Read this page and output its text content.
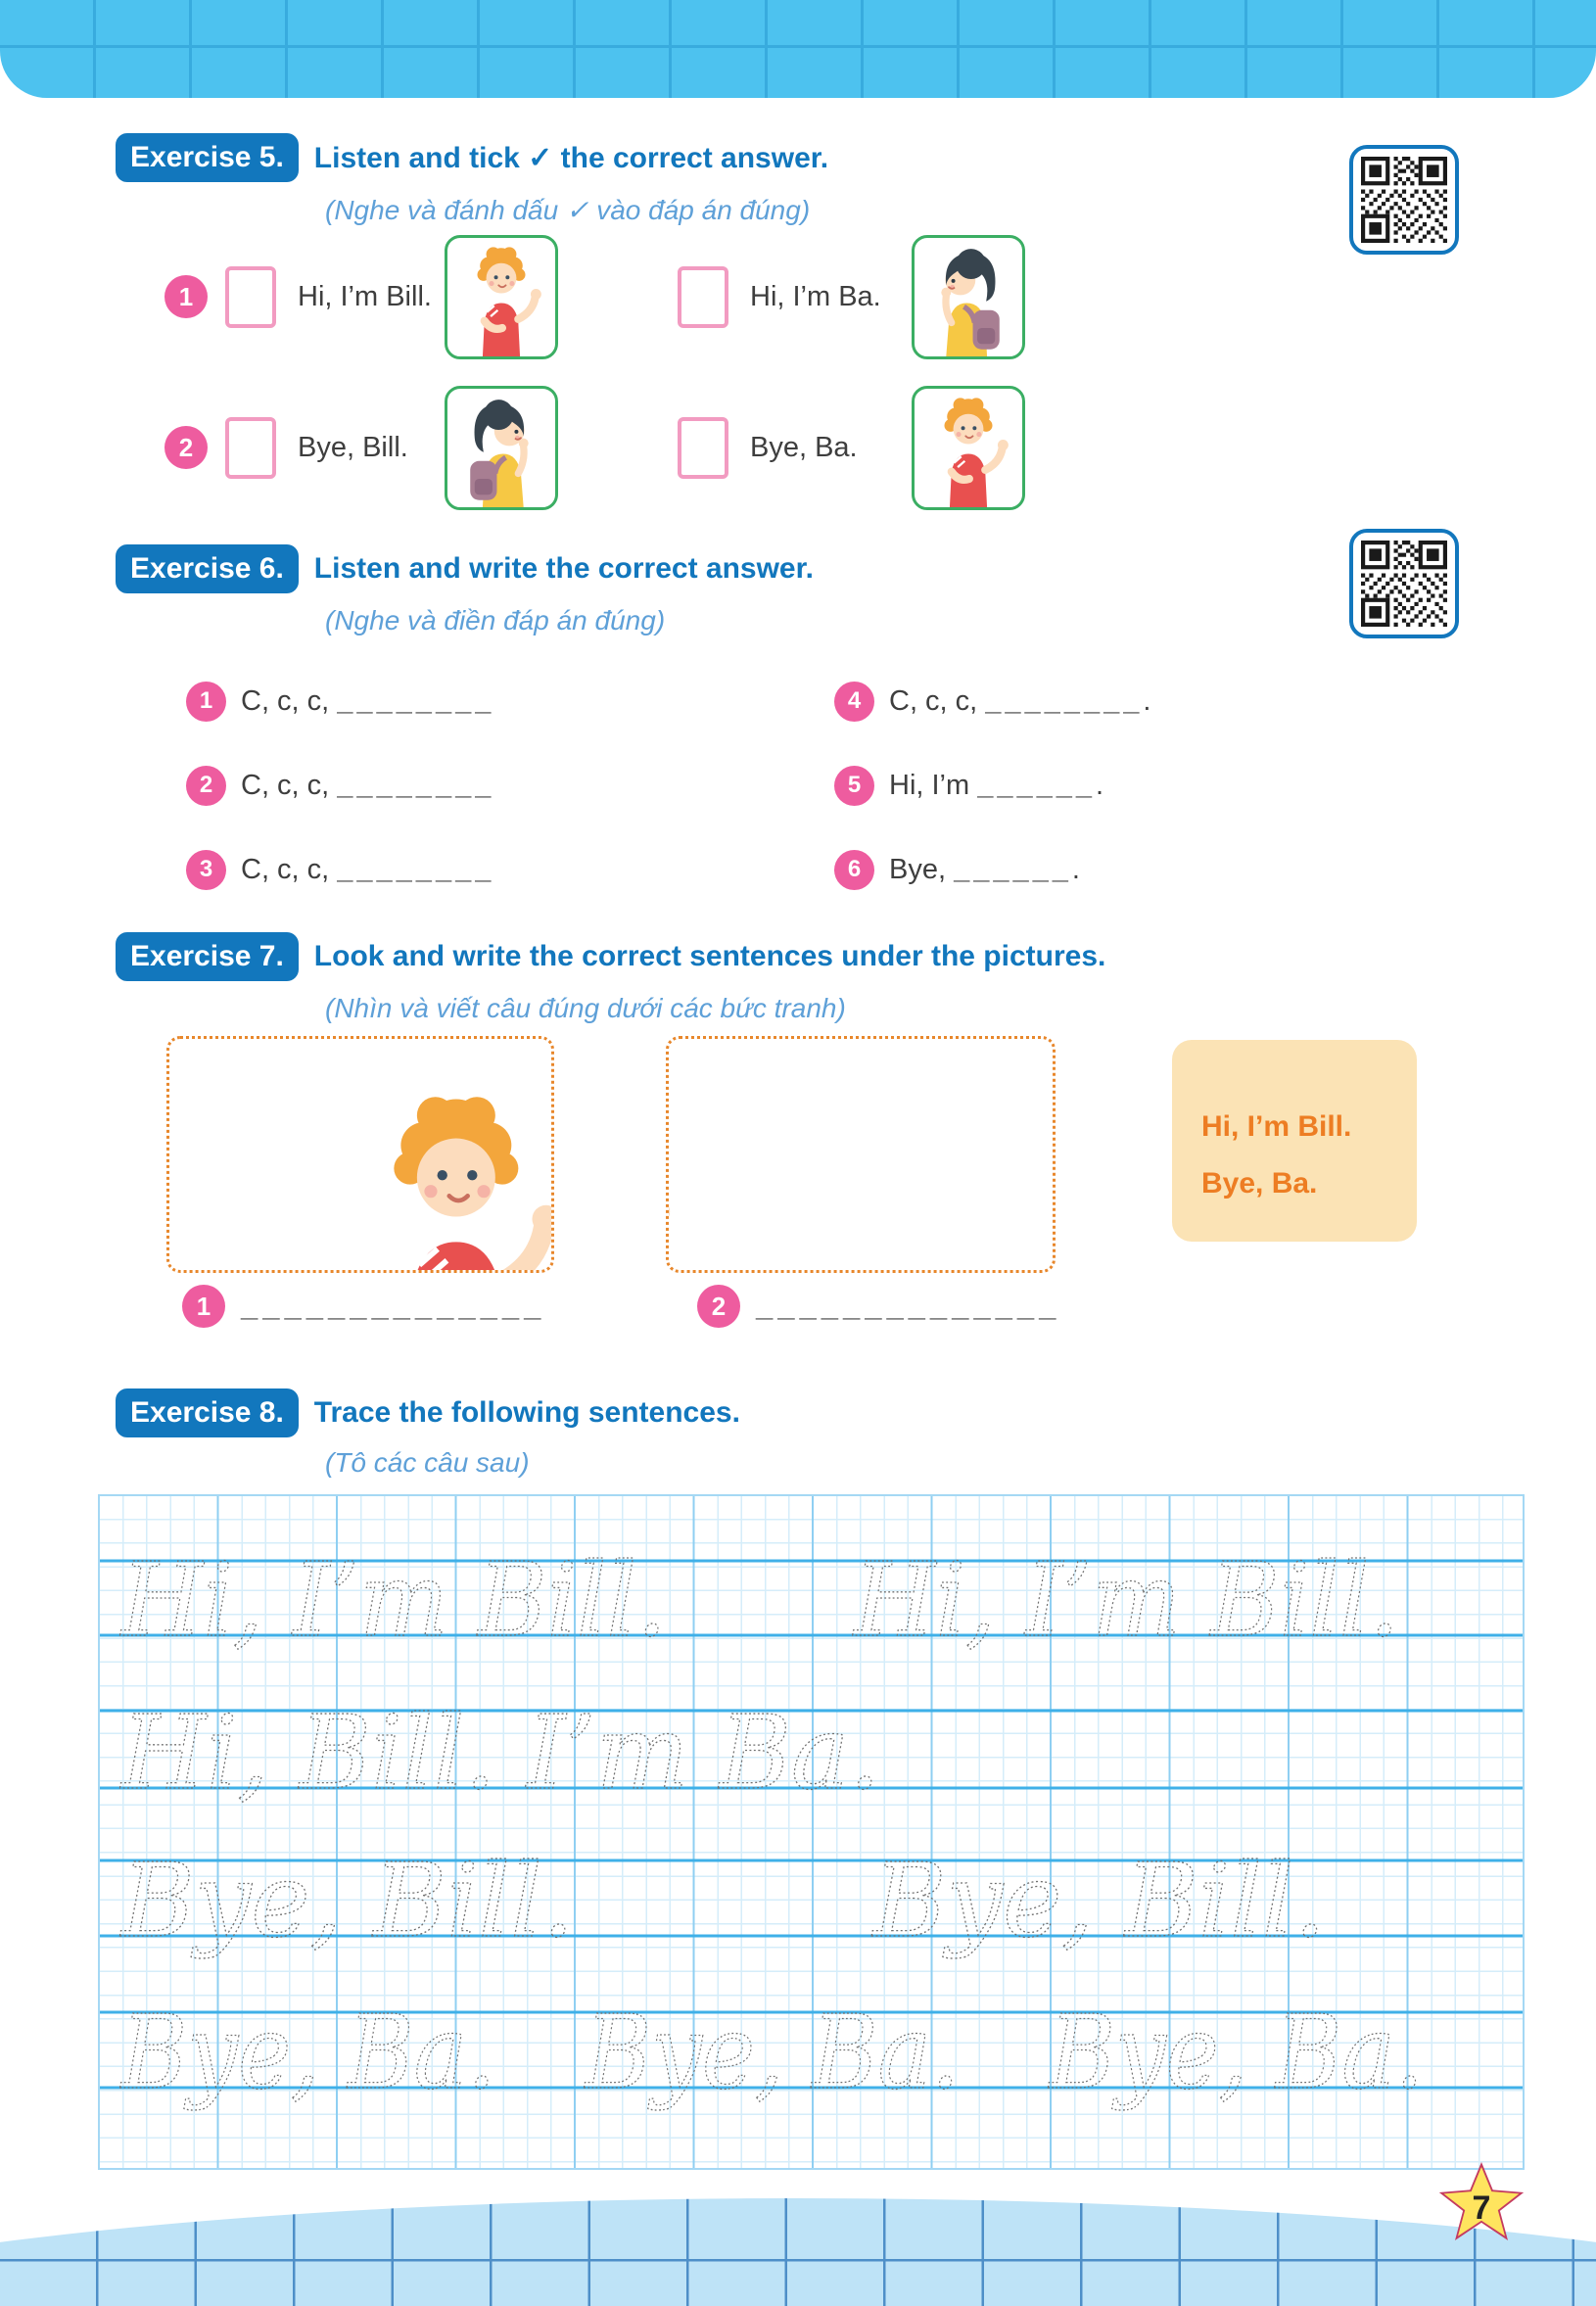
Exercise 5.	Listen and tick ✓ the correct answer.
(Nghe và đánh dấu ✓ vào đáp án đúng)
1	Hi, I’m Bill.	Hi, I’m Ba.
2	Bye, Bill.	Bye, Ba.
Exercise 6.	Listen and write the correct answer.
(Nghe và điền đáp án đúng)
1 C, c, c, ________
2 C, c, c, ________
3 C, c, c, ________
4 C, c, c, ________.
5 Hi, I’m ______.
6 Bye, ______.
Exercise 7.	Look and write the correct sentences under the pictures.
(Nhìn và viết câu đúng dưới các bức tranh)
Hi, I’m Bill.
Bye, Ba.
1 ______________	2 ______________
Exercise 8.	Trace the following sentences.
(Tô các câu sau)
Hi, I’m Bill.  Hi, I’m Bill.
Hi, Bill. I’m Ba.
Bye, Bill.   Bye, Bill.
Bye, Ba. Bye, Ba. Bye, Ba.
7
